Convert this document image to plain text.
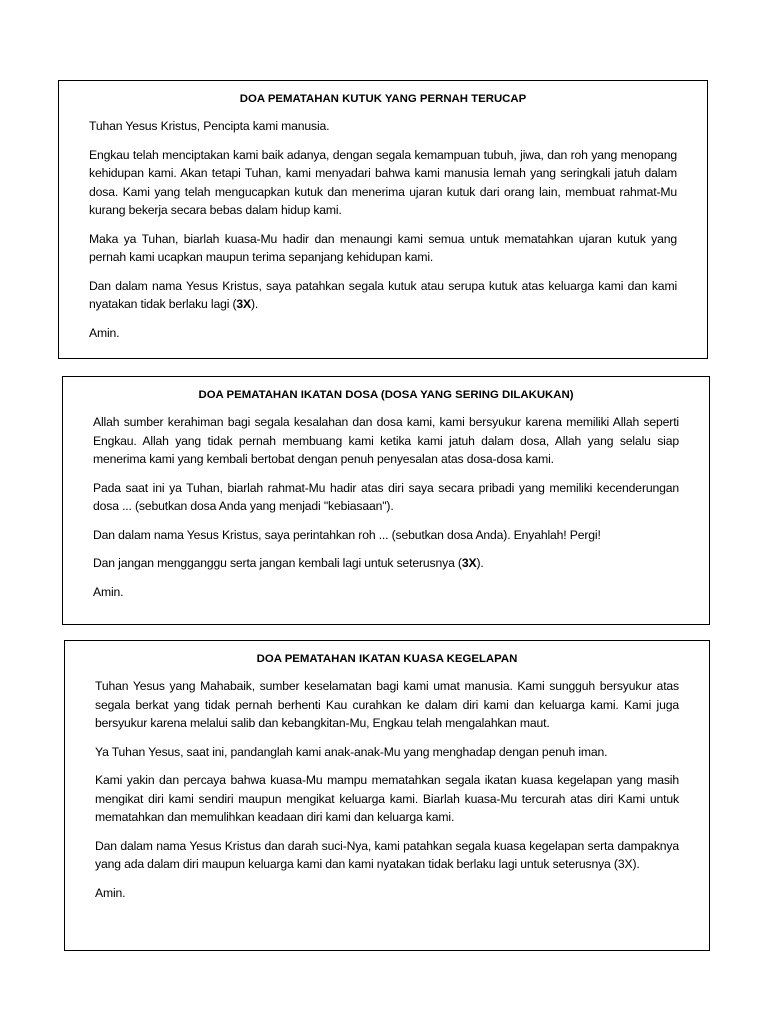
DOA PEMATAHAN KUTUK YANG PERNAH TERUCAP

Tuhan Yesus Kristus, Pencipta kami manusia.

Engkau telah menciptakan kami baik adanya, dengan segala kemampuan tubuh, jiwa, dan roh yang menopang kehidupan kami. Akan tetapi Tuhan, kami menyadari bahwa kami manusia lemah yang seringkali jatuh dalam dosa. Kami yang telah mengucapkan kutuk dan menerima ujaran kutuk dari orang lain, membuat rahmat-Mu kurang bekerja secara bebas dalam hidup kami.

Maka ya Tuhan, biarlah kuasa-Mu hadir dan menaungi kami semua untuk mematahkan ujaran kutuk yang pernah kami ucapkan maupun terima sepanjang kehidupan kami.

Dan dalam nama Yesus Kristus, saya patahkan segala kutuk atau serupa kutuk atas keluarga kami dan kami nyatakan tidak berlaku lagi (3X).

Amin.

DOA PEMATAHAN IKATAN DOSA (DOSA YANG SERING DILAKUKAN)

Allah sumber kerahiman bagi segala kesalahan dan dosa kami, kami bersyukur karena memiliki Allah seperti Engkau. Allah yang tidak pernah membuang kami ketika kami jatuh dalam dosa, Allah yang selalu siap menerima kami yang kembali bertobat dengan penuh penyesalan atas dosa-dosa kami.

Pada saat ini ya Tuhan, biarlah rahmat-Mu hadir atas diri saya secara pribadi yang memiliki kecenderungan dosa ... (sebutkan dosa Anda yang menjadi "kebiasaan").

Dan dalam nama Yesus Kristus, saya perintahkan roh ... (sebutkan dosa Anda). Enyahlah! Pergi!

Dan jangan mengganggu serta jangan kembali lagi untuk seterusnya (3X).

Amin.

DOA PEMATAHAN IKATAN KUASA KEGELAPAN

Tuhan Yesus yang Mahabaik, sumber keselamatan bagi kami umat manusia. Kami sungguh bersyukur atas segala berkat yang tidak pernah berhenti Kau curahkan ke dalam diri kami dan keluarga kami. Kami juga bersyukur karena melalui salib dan kebangkitan-Mu, Engkau telah mengalahkan maut.

Ya Tuhan Yesus, saat ini, pandanglah kami anak-anak-Mu yang menghadap dengan penuh iman.

Kami yakin dan percaya bahwa kuasa-Mu mampu mematahkan segala ikatan kuasa kegelapan yang masih mengikat diri kami sendiri maupun mengikat keluarga kami. Biarlah kuasa-Mu tercurah atas diri Kami untuk mematahkan dan memulihkan keadaan diri kami dan keluarga kami.

Dan dalam nama Yesus Kristus dan darah suci-Nya, kami patahkan segala kuasa kegelapan serta dampaknya yang ada dalam diri maupun keluarga kami dan kami nyatakan tidak berlaku lagi untuk seterusnya (3X).

Amin.
